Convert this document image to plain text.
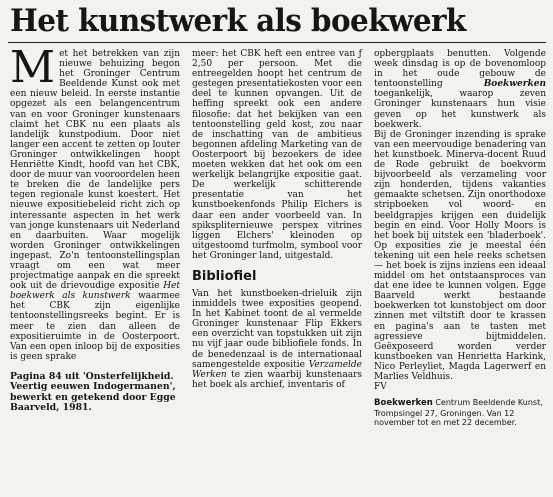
Het kunstwerk als boekwerk

Met het betrekken van zijn nieuwe behuizing begon het Groninger Centrum Beeldende Kunst ook met een nieuw beleid. In eerste instantie opgezet als een belangencentrum van en voor Groninger kunstenaars claimt het CBK nu een plaats als landelijk kunstpodium. Door niet langer een accent te zetten op louter Groninger ontwikkelingen hoopt Henriëtte Kindt, hoofd van het CBK, door de muur van vooroordelen heen te breken die de landelijke pers tegen regionale kunst koestert. Het nieuwe expositiebeleid richt zich op interessante aspecten in het werk van jonge kunstenaars uit Nederland en daarbuiten. Waar mogelijk worden Groninger ontwikkelingen ingepast. Zo'n tentoonstellingsplan vraagt om een wat meer projectmatige aanpak en die spreekt ook uit de drievoudige expositie Het boekwerk als kunstwerk waarmee het CBK zijn eigenlijke tentoonstellingsreeks begint. Er is meer te zien dan alleen de expositieruimte in de Oosterpoort. Van een open inloop bij de exposities is geen sprake

Pagina 84 uit 'Onsterfelijkheid. Veertig eeuwen Indogermanen', bewerkt en getekend door Egge Baarveld, 1981.

meer: het CBK heft een entree van ƒ 2,50 per persoon. Met die entreegelden hoopt het centrum de gestegen presentatiekosten voor een deel te kunnen opvangen. Uit de heffing spreekt ook een andere filosofie: dat het bekijken van een tentoonstelling geld kost, zou naar de inschatting van de ambitieus begonnen afdeling Marketing van de Oosterpoort bij bezoekers de idee moeten wekken dat het ook om een werkelijk belangrijke expositie gaat. De werkelijk schitterende presentatie van het kunstboekenfonds Philip Elchers is daar een ander voorbeeld van. In spikspliternieuwe perspex vitrines liggen Elchers' kleinoden op uitgestoomd turfmolm, symbool voor het Groninger land, uitgestald.

Bibliofiel

Van het kunstboeken-drieluik zijn inmiddels twee exposities geopend. In het Kabinet toont de al vermelde Groninger kunstenaar Flip Ekkers een overzicht van topstukken uit zijn nu vijf jaar oude bibliofiele fonds. In de benedenzaal is de internationaal samengestelde expositie Verzamelde Werken te zien waarbij kunstenaars het boek als archief, inventaris of

opbergplaats benutten. Volgende week dinsdag is op de bovenomloop in het oude gebouw de tentoonstelling Boekwerken toegankelijk, waarop zeven Groninger kunstenaars hun visie geven op het kunstwerk als boekwerk.

Bij de Groninger inzending is sprake van een meervoudige benadering van het kunstboek. Minerva-docent Ruud de Rode gebruikt de boekvorm bijvoorbeeld als verzameling voor zijn honderden, tijdens vakanties gemaakte schetsen. Zijn onorthodoxe stripboeken vol woord- en beeldgrapjes krijgen een duidelijk begin en eind. Voor Holly Moors is het boek bij uitstek een 'bladerboek'. Op exposities zie je meestal één tekening uit een hele reeks schetsen — het boek is zijns inziens een ideaal middel om het ontstaansproces van dat ene idee te kunnen volgen. Egge Baarveld werkt bestaande boekwerken tot kunstobject om door zinnen met viltstift door te krassen en pagina's aan te tasten met agressieve bijtmiddelen. Geëxposeerd worden verder kunstboeken van Henrietta Harkink, Nico Perleyliet, Magda Lagerwerf en Marlies Veldhuis.

FV

Boekwerken Centrum Beeldende Kunst, Trompsingel 27, Groningen. Van 12 november tot en met 22 december.
